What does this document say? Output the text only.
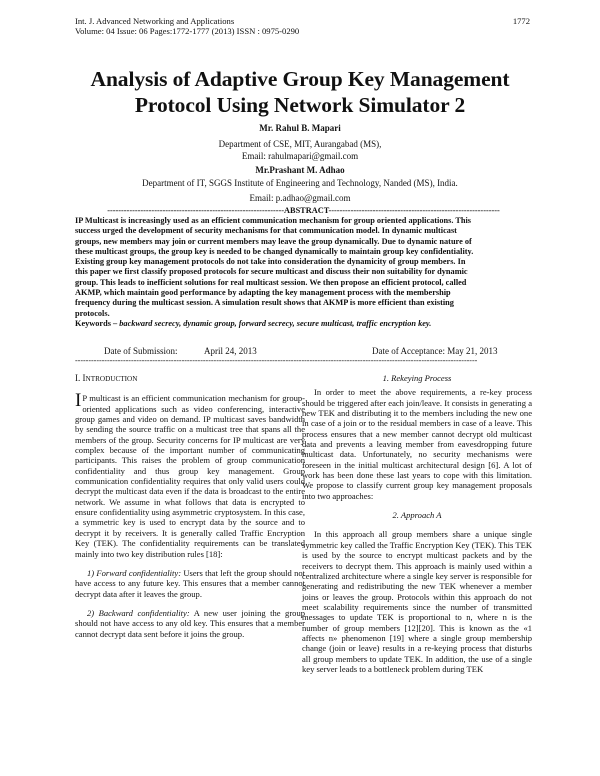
Int. J. Advanced Networking and Applications
Volume: 04 Issue: 06 Pages:1772-1777 (2013) ISSN : 0975-0290
1772
Analysis of Adaptive Group Key Management
Protocol Using Network Simulator 2
Mr. Rahul B. Mapari
Department of CSE, MIT, Aurangabad (MS),
Email: rahulmapari@gmail.com
Mr.Prashant M. Adhao
Department of IT, SGGS Institute of Engineering and Technology, Nanded (MS), India.
Email: p.adhao@gmail.com
----------------------------------------------------------------ABSTRACT--------------------------------------------------------------
IP Multicast is increasingly used as an efficient communication mechanism for group oriented applications. This
success urged the development of security mechanisms for that communication model. In dynamic multicast
groups, new members may join or current members may leave the group dynamically. Due to dynamic nature of
these multicast groups, the group key is needed to be changed dynamically to maintain group key confidentiality.
Existing group key management protocols do not take into consideration the dynamicity of group members. In
this paper we first classify proposed protocols for secure multicast and discuss their non suitability for dynamic
group. This leads to inefficient solutions for real multicast session. We then propose an efficient protocol, called
AKMP, which maintain good performance by adapting the key management process with the membership
frequency during the multicast session. A simulation result shows that AKMP is more efficient than existing
protocols.
Keywords – backward secrecy, dynamic group, forward secrecy, secure multicast, traffic encryption key.
Date of Submission:	April 24, 2013	Date of Acceptance: May 21, 2013
-------------------------------------------------------------------------------------------------------------------------------------------------------

I. INTRODUCTION

I P multicast is an efficient communication mechanism for group-oriented applications such as video conferencing, interactive group games and video on demand. IP multicast saves bandwidth by sending the source traffic on a multicast tree that spans all the members of the group. Security concerns for IP multicast are very complex because of the important number of communicating participants. This raises the problem of group communication confidentiality and thus group key management. Group communication confidentiality requires that only valid users could decrypt the multicast data even if the data is broadcast to the entire network. We assume in what follows that data is encrypted to ensure confidentiality using asymmetric cryptosystem. In this case, a symmetric key is used to encrypt data by the source and to decrypt it by receivers. It is generally called Traffic Encryption Key (TEK). The confidentiality requirements can be translated mainly into two key distribution rules [18]:

1) Forward confidentiality: Users that left the group should not have access to any future key. This ensures that a member cannot decrypt data after it leaves the group.

2) Backward confidentiality: A new user joining the group should not have access to any old key. This ensures that a member cannot decrypt data sent before it joins the group.

1. Rekeying Process

In order to meet the above requirements, a re-key process should be triggered after each join/leave. It consists in generating a new TEK and distributing it to the members including the new one in case of a join or to the residual members in case of a leave. This process ensures that a new member cannot decrypt old multicast data and prevents a leaving member from eavesdropping future multicast data. Unfortunately, no security mechanisms were foreseen in the initial multicast architectural design [6]. A lot of work has been done these last years to cope with this limitation. We propose to classify current group key management proposals into two approaches:

2. Approach A

In this approach all group members share a unique single symmetric key called the Traffic Encryption Key (TEK). This TEK is used by the source to encrypt multicast packets and by the receivers to decrypt them. This approach is mainly used within a centralized architecture where a single key server is responsible for generating and redistributing the new TEK whenever a member joins or leaves the group. Protocols within this approach do not meet scalability requirements since the number of transmitted messages to update TEK is proportional to n, where n is the number of group members [12][20]. This is known as the «1 affects n» phenomenon [19] where a single group membership change (join or leave) results in a re-keying process that disturbs all group members to update TEK. In addition, the use of a single key server leads to a bottleneck problem during TEK
